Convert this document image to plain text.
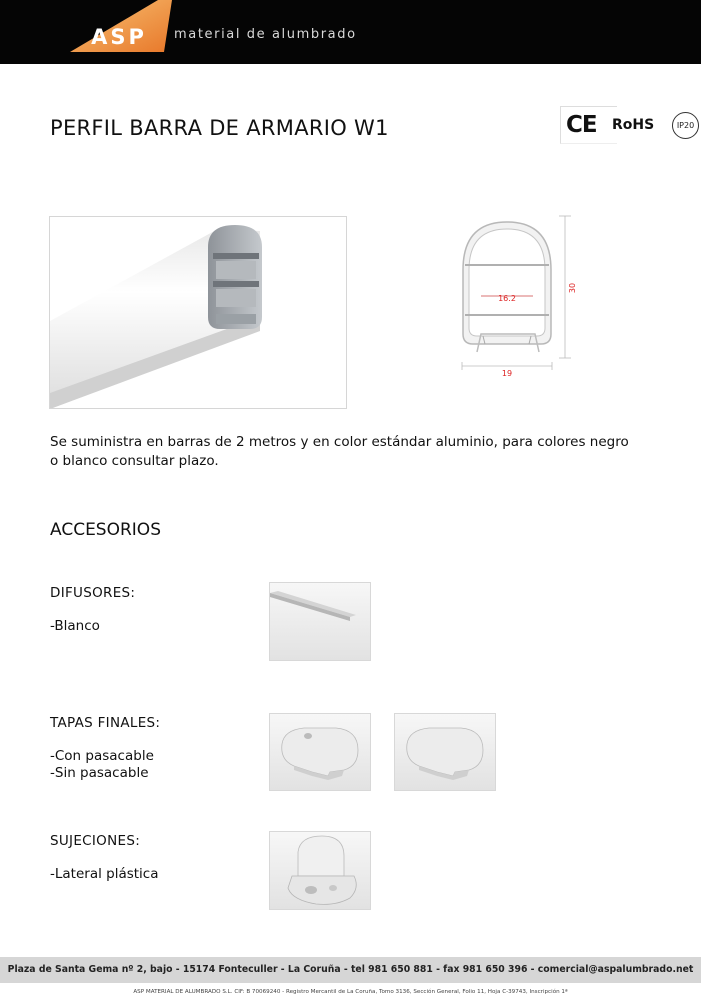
ASP	material de alumbrado
PERFIL BARRA DE ARMARIO W1	CE RoHS	IP20
16.2
19
30
Se suministra en barras de 2 metros y en color estándar aluminio, para colores negro o blanco consultar plazo.
ACCESORIOS
DIFUSORES:
-Blanco
TAPAS FINALES:
-Con pasacable
-Sin pasacable
SUJECIONES:
-Lateral plástica
Plaza de Santa Gema nº 2, bajo - 15174 Fonteculler - La Coruña - tel 981 650 881 - fax 981 650 396 - comercial@aspalumbrado.net
ASP MATERIAL DE ALUMBRADO S.L. CIF: B 70069240 - Registro Mercantil de La Coruña, Tomo 3136, Sección General, Folio 11, Hoja C-39743, Inscripción 1ª
